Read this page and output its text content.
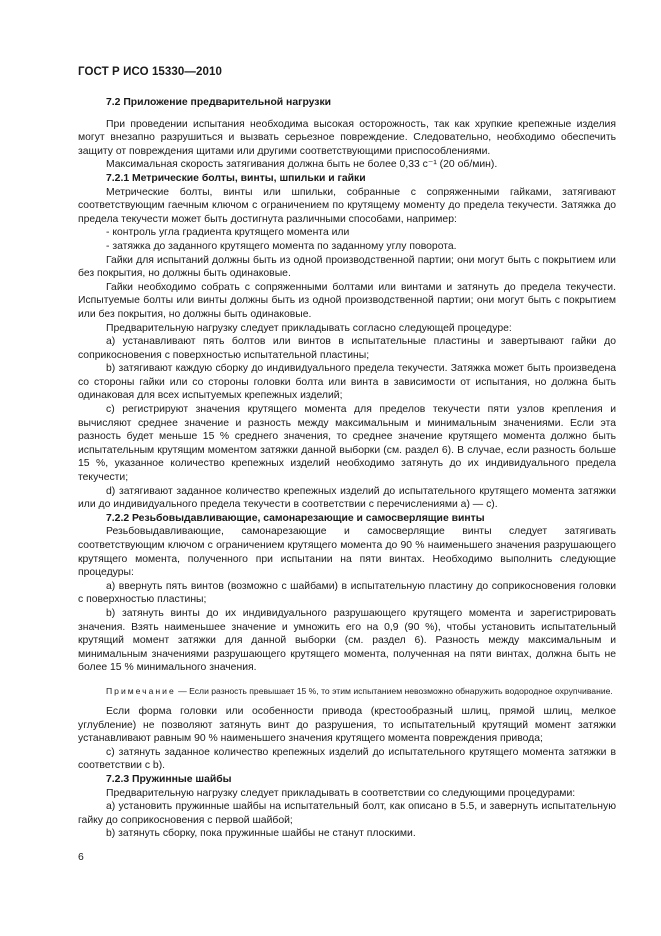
ГОСТ Р ИСО 15330—2010
7.2 Приложение предварительной нагрузки

При проведении испытания необходима высокая осторожность, так как хрупкие крепежные изделия могут внезапно разрушиться и вызвать серьезное повреждение. Следовательно, необходимо обеспечить защиту от повреждения щитами или другими соответствующими приспособлениями.

Максимальная скорость затягивания должна быть не более 0,33 с⁻¹ (20 об/мин).

7.2.1 Метрические болты, винты, шпильки и гайки

Метрические болты, винты или шпильки, собранные с сопряженными гайками, затягивают соответствующим гаечным ключом с ограничением по крутящему моменту до предела текучести. Затяжка до предела текучести может быть достигнута различными способами, например:

- контроль угла градиента крутящего момента или

- затяжка до заданного крутящего момента по заданному углу поворота.

Гайки для испытаний должны быть из одной производственной партии; они могут быть с покрытием или без покрытия, но должны быть одинаковые.

Гайки необходимо собрать с сопряженными болтами или винтами и затянуть до предела текучести. Испытуемые болты или винты должны быть из одной производственной партии; они могут быть с покрытием или без покрытия, но должны быть одинаковые.

Предварительную нагрузку следует прикладывать согласно следующей процедуре:

a) устанавливают пять болтов или винтов в испытательные пластины и завертывают гайки до соприкосновения с поверхностью испытательной пластины;

b) затягивают каждую сборку до индивидуального предела текучести. Затяжка может быть произведена со стороны гайки или со стороны головки болта или винта в зависимости от испытания, но должна быть одинаковая для всех испытуемых крепежных изделий;

c) регистрируют значения крутящего момента для пределов текучести пяти узлов крепления и вычисляют среднее значение и разность между максимальным и минимальным значениями. Если эта разность будет меньше 15 % среднего значения, то среднее значение крутящего момента должно быть испытательным крутящим моментом затяжки данной выборки (см. раздел 6). В случае, если разность больше 15 %, указанное количество крепежных изделий необходимо затянуть до их индивидуального предела текучести;

d) затягивают заданное количество крепежных изделий до испытательного крутящего момента затяжки или до индивидуального предела текучести в соответствии с перечислениями а) — с).

7.2.2 Резьбовыдавливающие, самонарезающие и самосверлящие винты

Резьбовыдавливающие, самонарезающие и самосверлящие винты следует затягивать соответствующим ключом с ограничением крутящего момента до 90 % наименьшего значения разрушающего крутящего момента, полученного при испытании на пяти винтах. Необходимо выполнить следующие процедуры:

a) ввернуть пять винтов (возможно с шайбами) в испытательную пластину до соприкосновения головки с поверхностью пластины;

b) затянуть винты до их индивидуального разрушающего крутящего момента и зарегистрировать значения. Взять наименьшее значение и умножить его на 0,9 (90 %), чтобы установить испытательный крутящий момент затяжки для данной выборки (см. раздел 6). Разность между максимальным и минимальным значениями разрушающего крутящего момента, полученная на пяти винтах, должна быть не более 15 % минимального значения.

Примечание — Если разность превышает 15 %, то этим испытанием невозможно обнаружить водородное охрупчивание.

Если форма головки или особенности привода (крестообразный шлиц, прямой шлиц, мелкое углубление) не позволяют затянуть винт до разрушения, то испытательный крутящий момент затяжки устанавливают равным 90 % наименьшего значения крутящего момента повреждения привода;

c) затянуть заданное количество крепежных изделий до испытательного крутящего момента затяжки в соответствии с b).

7.2.3 Пружинные шайбы

Предварительную нагрузку следует прикладывать в соответствии со следующими процедурами:

a) установить пружинные шайбы на испытательный болт, как описано в 5.5, и завернуть испытательную гайку до соприкосновения с первой шайбой;

b) затянуть сборку, пока пружинные шайбы не станут плоскими.

6
